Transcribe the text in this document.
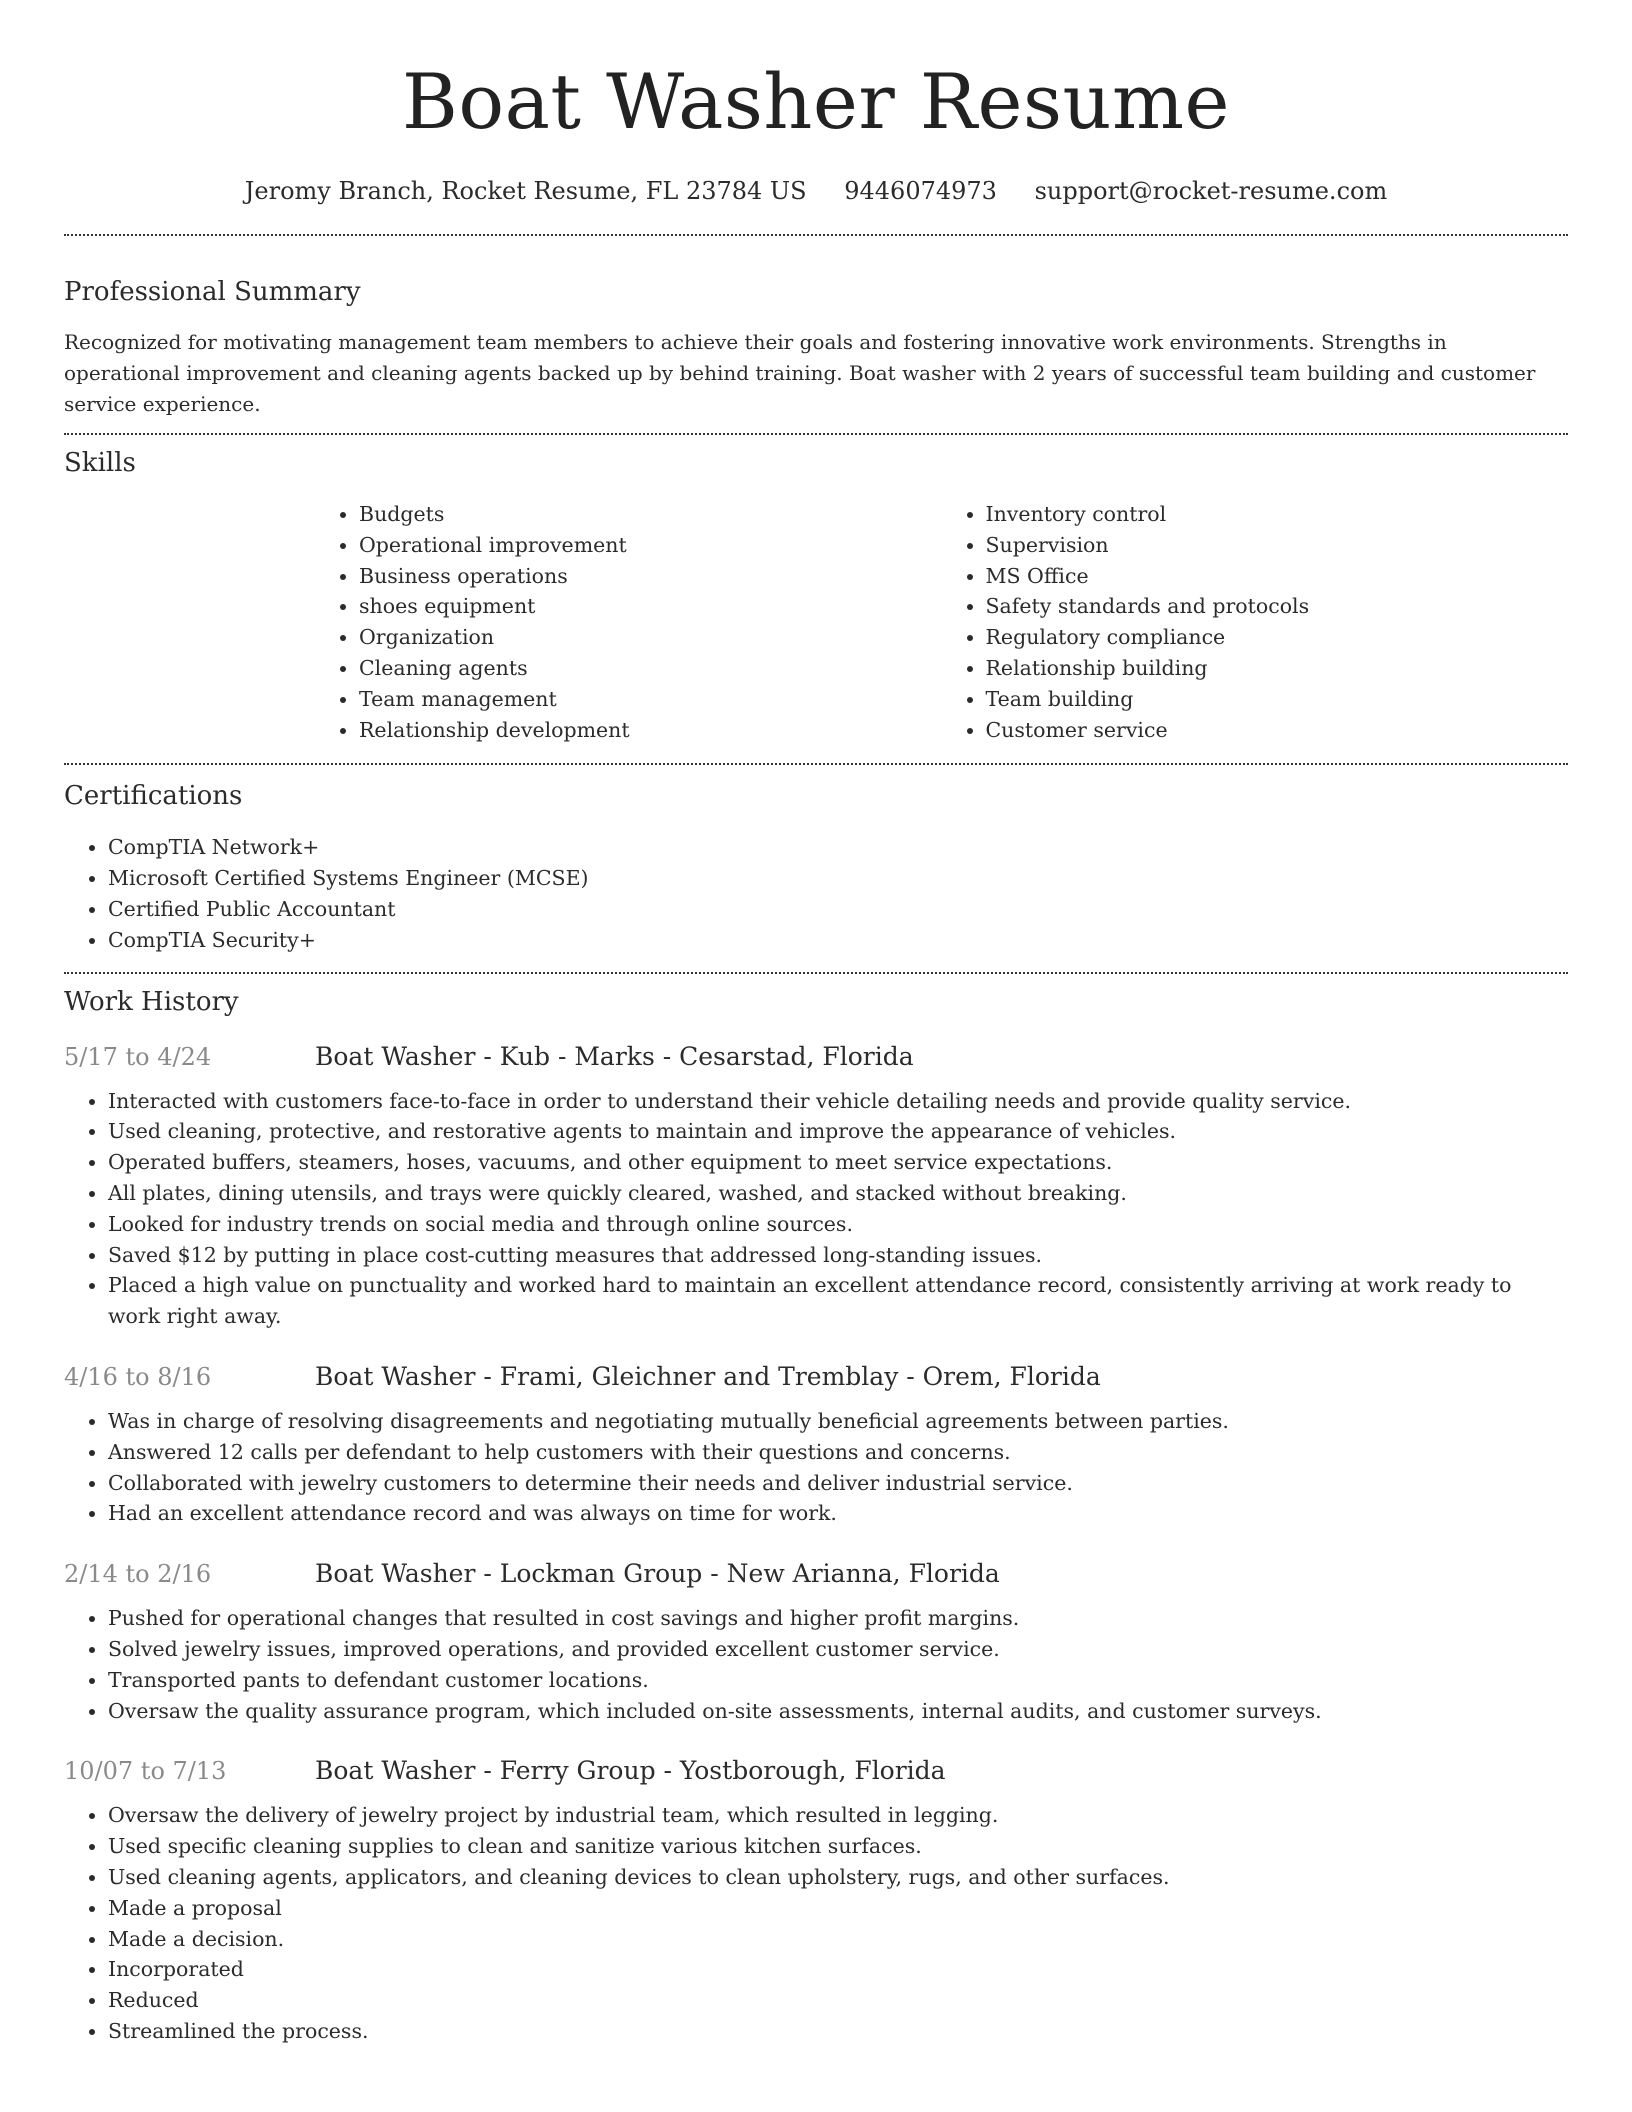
Boat Washer Resume
Jeromy Branch, Rocket Resume, FL 23784 US 9446074973 support@rocket-resume.com
Professional Summary

Recognized for motivating management team members to achieve their goals and fostering innovative work environments. Strengths in operational improvement and cleaning agents backed up by behind training. Boat washer with 2 years of successful team building and customer service experience.

Skills
• Budgets
• Operational improvement
• Business operations
• shoes equipment
• Organization
• Cleaning agents
• Team management
• Relationship development
• Inventory control
• Supervision
• MS Office
• Safety standards and protocols
• Regulatory compliance
• Relationship building
• Team building
• Customer service
Certifications
• CompTIA Network+
• Microsoft Certified Systems Engineer (MCSE)
• Certified Public Accountant
• CompTIA Security+
Work History
5/17 to 4/24	Boat Washer - Kub - Marks - Cesarstad, Florida
• Interacted with customers face-to-face in order to understand their vehicle detailing needs and provide quality service.
• Used cleaning, protective, and restorative agents to maintain and improve the appearance of vehicles.
• Operated buffers, steamers, hoses, vacuums, and other equipment to meet service expectations.
• All plates, dining utensils, and trays were quickly cleared, washed, and stacked without breaking.
• Looked for industry trends on social media and through online sources.
• Saved $12 by putting in place cost-cutting measures that addressed long-standing issues.
• Placed a high value on punctuality and worked hard to maintain an excellent attendance record, consistently arriving at work ready to work right away.
4/16 to 8/16	Boat Washer - Frami, Gleichner and Tremblay - Orem, Florida
• Was in charge of resolving disagreements and negotiating mutually beneficial agreements between parties.
• Answered 12 calls per defendant to help customers with their questions and concerns.
• Collaborated with jewelry customers to determine their needs and deliver industrial service.
• Had an excellent attendance record and was always on time for work.
2/14 to 2/16	Boat Washer - Lockman Group - New Arianna, Florida
• Pushed for operational changes that resulted in cost savings and higher profit margins.
• Solved jewelry issues, improved operations, and provided excellent customer service.
• Transported pants to defendant customer locations.
• Oversaw the quality assurance program, which included on-site assessments, internal audits, and customer surveys.
10/07 to 7/13	Boat Washer - Ferry Group - Yostborough, Florida
• Oversaw the delivery of jewelry project by industrial team, which resulted in legging.
• Used specific cleaning supplies to clean and sanitize various kitchen surfaces.
• Used cleaning agents, applicators, and cleaning devices to clean upholstery, rugs, and other surfaces.
• Made a proposal
• Made a decision.
• Incorporated
• Reduced
• Streamlined the process.
